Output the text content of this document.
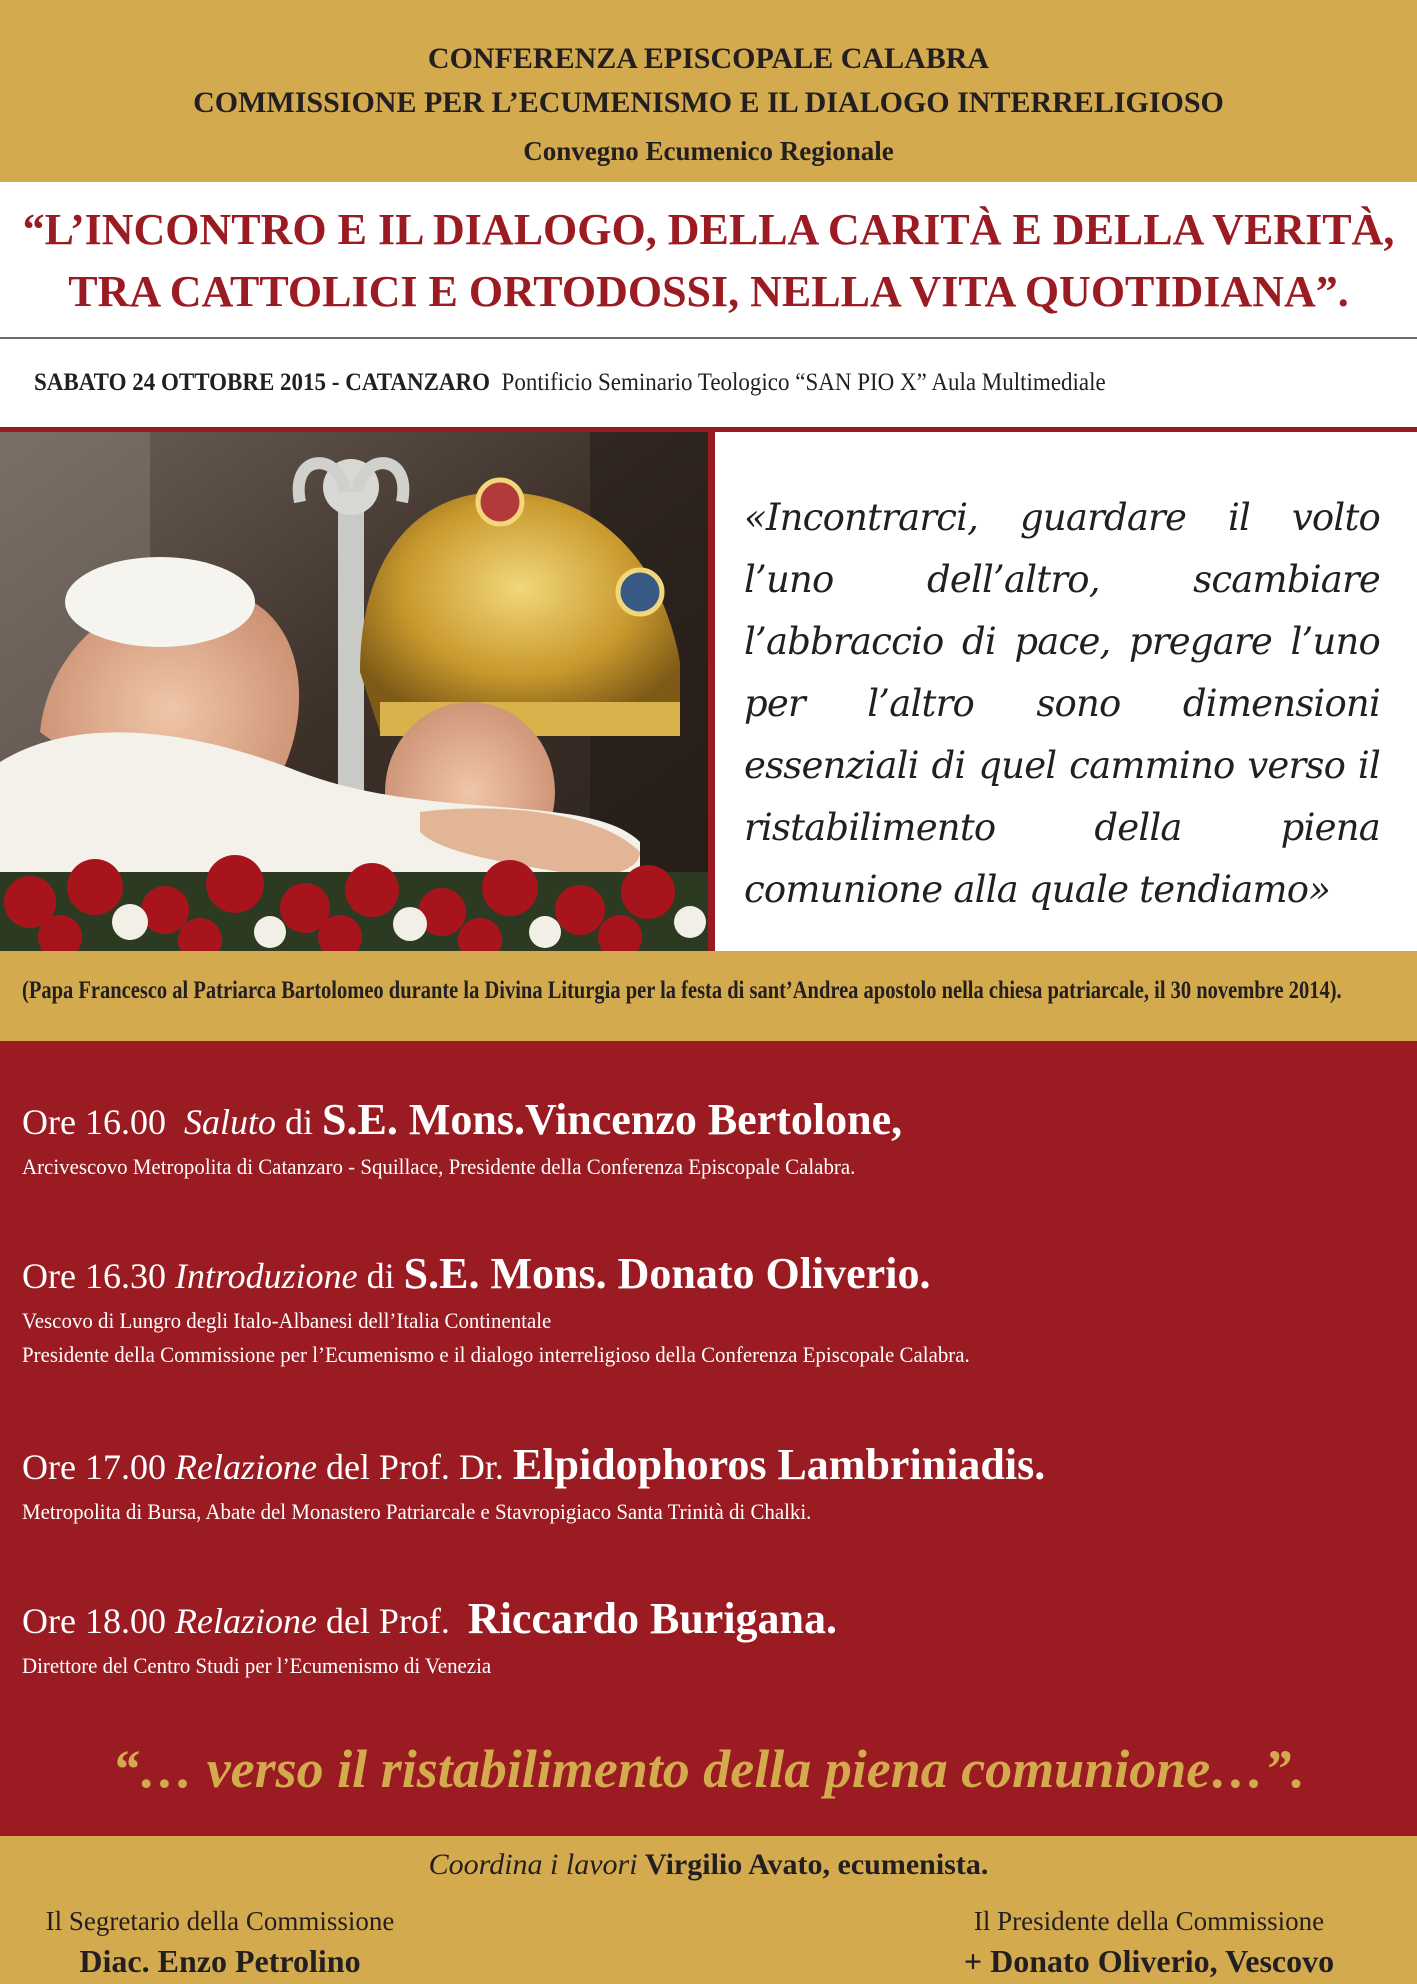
CONFERENZA EPISCOPALE CALABRA
COMMISSIONE PER L’ECUMENISMO E IL DIALOGO INTERRELIGIOSO
Convegno Ecumenico Regionale
“L’INCONTRO E IL DIALOGO, DELLA CARITÀ E DELLA VERITÀ,
TRA CATTOLICI E ORTODOSSI, NELLA VITA QUOTIDIANA”.
SABATO 24 OTTOBRE 2015 - CATANZARO Pontificio Seminario Teologico “SAN PIO X” Aula Multimediale
«Incontrarci, guardare il volto l’uno dell’altro, scambiare l’abbraccio di pace, pregare l’uno per l’altro sono dimensioni essenziali di quel cammino verso il ristabilimento della piena comunione alla quale tendiamo»
(Papa Francesco al Patriarca Bartolomeo durante la Divina Liturgia per la festa di sant’Andrea apostolo nella chiesa patriarcale, il 30 novembre 2014).
Ore 16.00 Saluto di S.E. Mons.Vincenzo Bertolone,
Arcivescovo Metropolita di Catanzaro - Squillace, Presidente della Conferenza Episcopale Calabra.
Ore 16.30 Introduzione di S.E. Mons. Donato Oliverio.
Vescovo di Lungro degli Italo-Albanesi dell’Italia Continentale
Presidente della Commissione per l’Ecumenismo e il dialogo interreligioso della Conferenza Episcopale Calabra.
Ore 17.00 Relazione del Prof. Dr. Elpidophoros Lambriniadis.
Metropolita di Bursa, Abate del Monastero Patriarcale e Stavropigiaco Santa Trinità di Chalki.
Ore 18.00 Relazione del Prof. Riccardo Burigana.
Direttore del Centro Studi per l’Ecumenismo di Venezia
“… verso il ristabilimento della piena comunione…”.
Coordina i lavori Virgilio Avato, ecumenista.
Il Segretario della Commissione
Diac. Enzo Petrolino
Il Presidente della Commissione
+ Donato Oliverio, Vescovo
